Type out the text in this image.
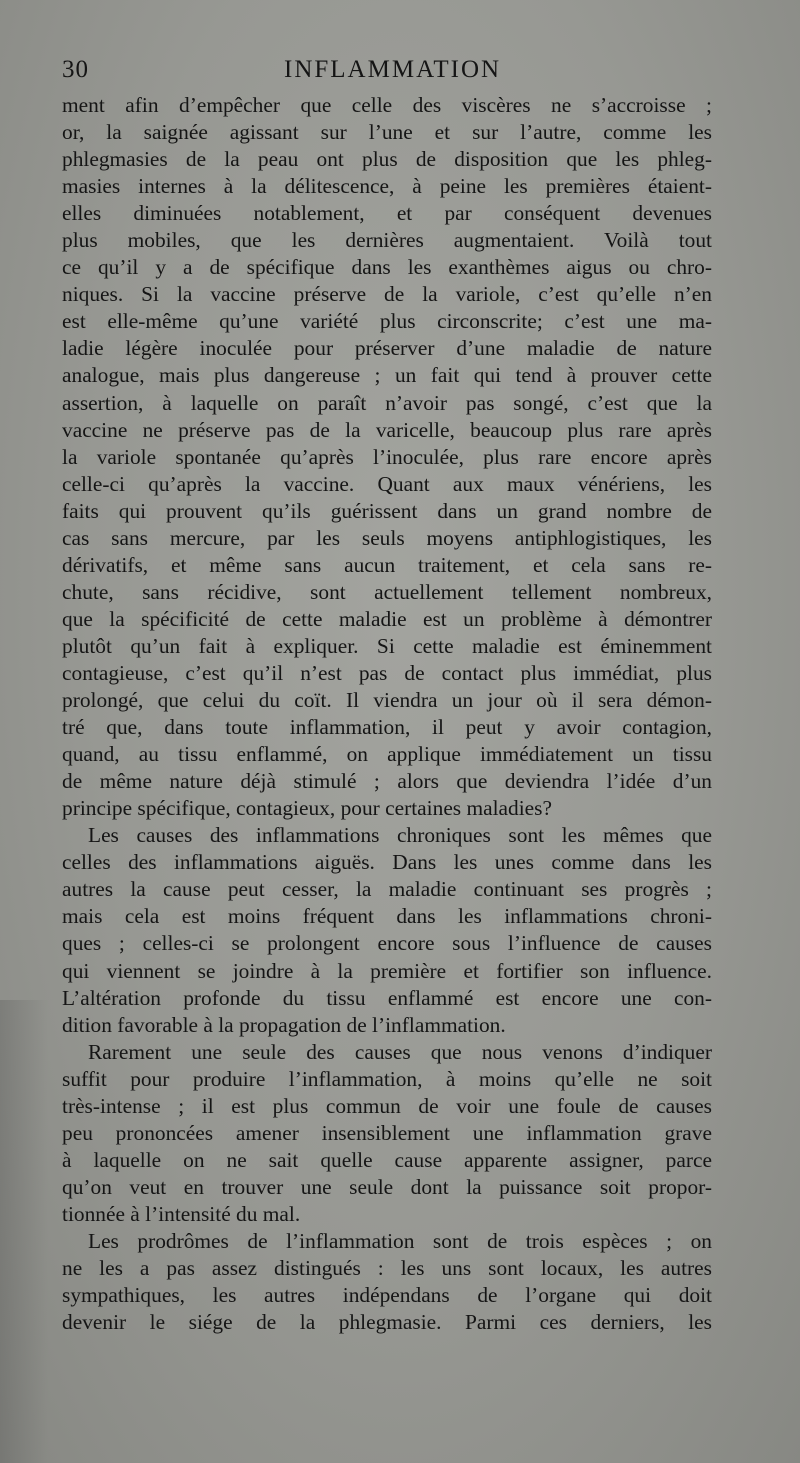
30	INFLAMMATION
ment afin d’empêcher que celle des viscères ne s’accroisse ;
or, la saignée agissant sur l’une et sur l’autre, comme les
phlegmasies de la peau ont plus de disposition que les phleg-
masies internes à la délitescence, à peine les premières étaient-
elles diminuées notablement, et par conséquent devenues
plus mobiles, que les dernières augmentaient. Voilà tout
ce qu’il y a de spécifique dans les exanthèmes aigus ou chro-
niques. Si la vaccine préserve de la variole, c’est qu’elle n’en
est elle-même qu’une variété plus circonscrite; c’est une ma-
ladie légère inoculée pour préserver d’une maladie de nature
analogue, mais plus dangereuse ; un fait qui tend à prouver cette
assertion, à laquelle on paraît n’avoir pas songé, c’est que la
vaccine ne préserve pas de la varicelle, beaucoup plus rare après
la variole spontanée qu’après l’inoculée, plus rare encore après
celle-ci qu’après la vaccine. Quant aux maux vénériens, les
faits qui prouvent qu’ils guérissent dans un grand nombre de
cas sans mercure, par les seuls moyens antiphlogistiques, les
dérivatifs, et même sans aucun traitement, et cela sans re-
chute, sans récidive, sont actuellement tellement nombreux,
que la spécificité de cette maladie est un problème à démontrer
plutôt qu’un fait à expliquer. Si cette maladie est éminemment
contagieuse, c’est qu’il n’est pas de contact plus immédiat, plus
prolongé, que celui du coït. Il viendra un jour où il sera démon-
tré que, dans toute inflammation, il peut y avoir contagion,
quand, au tissu enflammé, on applique immédiatement un tissu
de même nature déjà stimulé ; alors que deviendra l’idée d’un
principe spécifique, contagieux, pour certaines maladies?
Les causes des inflammations chroniques sont les mêmes que
celles des inflammations aiguës. Dans les unes comme dans les
autres la cause peut cesser, la maladie continuant ses progrès ;
mais cela est moins fréquent dans les inflammations chroni-
ques ; celles-ci se prolongent encore sous l’influence de causes
qui viennent se joindre à la première et fortifier son influence.
L’altération profonde du tissu enflammé est encore une con-
dition favorable à la propagation de l’inflammation.
Rarement une seule des causes que nous venons d’indiquer
suffit pour produire l’inflammation, à moins qu’elle ne soit
très-intense ; il est plus commun de voir une foule de causes
peu prononcées amener insensiblement une inflammation grave
à laquelle on ne sait quelle cause apparente assigner, parce
qu’on veut en trouver une seule dont la puissance soit propor-
tionnée à l’intensité du mal.
Les prodrômes de l’inflammation sont de trois espèces ; on
ne les a pas assez distingués : les uns sont locaux, les autres
sympathiques, les autres indépendans de l’organe qui doit
devenir le siége de la phlegmasie. Parmi ces derniers, les
